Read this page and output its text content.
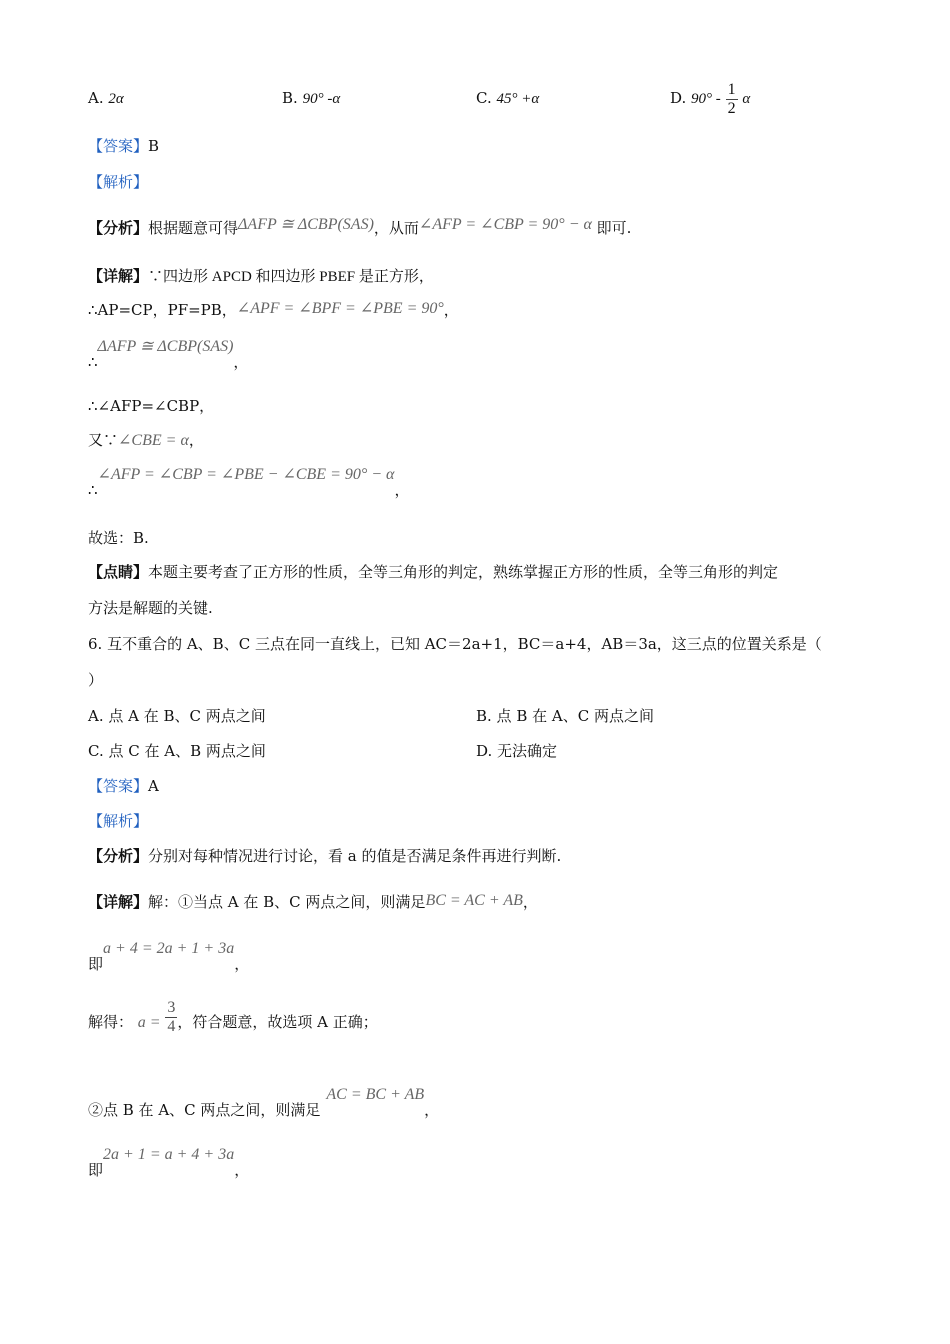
A. 2α	B. 90° ‐α	C. 45° +α	D. 90° ‐ $\frac{1}{2}$ α
【答案】B
【解析】
【分析】根据题意可得ΔAFP ≅ ΔCBP(SAS)，从而∠AFP = ∠CBP = 90° − α 即可.
【详解】∵四边形 APCD 和四边形 PBEF 是正方形，
∴AP=CP，PF=PB，∠APF = ∠BPF = ∠PBE = 90°，
∴ΔAFP ≅ ΔCBP(SAS)，
∴∠AFP=∠CBP，
又∵∠CBE = α，
∴∠AFP = ∠CBP = ∠PBE − ∠CBE = 90° − α，
故选：B.
【点睛】本题主要考查了正方形的性质，全等三角形的判定，熟练掌握正方形的性质，全等三角形的判定
方法是解题的关键.
6. 互不重合的 A、B、C 三点在同一直线上，已知 AC＝2a+1，BC＝a+4，AB＝3a，这三点的位置关系是（
）
A. 点 A 在 B、C 两点之间	B. 点 B 在 A、C 两点之间
C. 点 C 在 A、B 两点之间	D. 无法确定
【答案】A
【解析】
【分析】分别对每种情况进行讨论，看 a 的值是否满足条件再进行判断.
【详解】解：①当点 A 在 B、C 两点之间，则满足BC = AC + AB，
即a + 4 = 2a + 1 + 3a，
解得： $a = \frac{3}{4}$ ，符合题意，故选项 A 正确；
②点 B 在 A、C 两点之间，则满足AC = BC + AB，
即2a + 1 = a + 4 + 3a，
